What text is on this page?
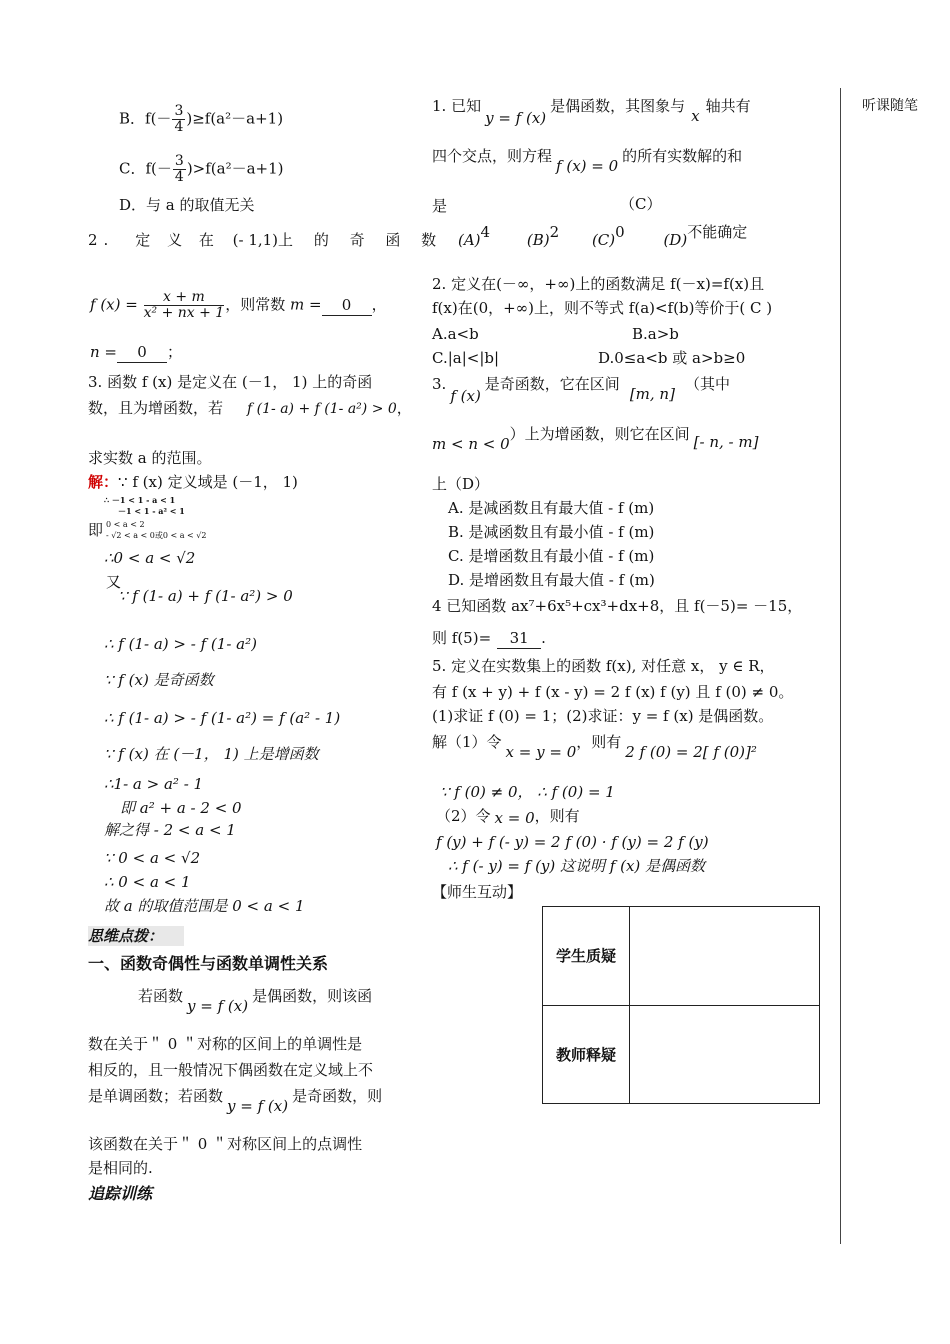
听课随笔
B．$f(- \frac{3}{4} )\ge f(a^2-a+1)$
C．$f(- \frac{3}{4} )>f(a^2-a+1)$
D．与 a 的取值无关
2.　定 义 在 (- 1,1)上 的 奇 函 数
f $(x) = \frac{x + m}{\text{x² + nx + 1}}$ ，则常数 m = 0 ，
n = 0 ；
3. 函数 f (x) 是定义在 (－1， 1) 上的奇函
数，且为增函数，若 f (1- a) + f (1- a²) > 0，
求实数 a 的范围。
解：∵ f (x) 定义域是 (－1， 1)
∴ －1 < 1 - a < 1
－1 < 1 - a² < 1
即 0 < a < 2
- √2 < a < 0或0 < a < √2
∴0 < a < √2
又
∵ f (1- a) + f (1- a²) > 0
∴ f (1- a) > - f (1- a²)
∵ f (x) 是奇函数
∴ f (1- a) > - f (1- a²) = f (a² - 1)
∵ f (x) 在 (－1， 1) 上是增函数
∴1- a > a² - 1
即 a² + a - 2 < 0
解之得 - 2 < a < 1
∵ 0 < a < √2
∴ 0 < a < 1
故 a 的取值范围是 0 < a < 1
思维点拨：
一、函数奇偶性与函数单调性关系
若函数y = f (x)是偶函数，则该函
数在关于＂ 0 ＂对称的区间上的单调性是
相反的，且一般情况下偶函数在定义域上不
是单调函数；若函数y = f (x)是奇函数，则
该函数在关于＂ 0 ＂对称区间上的点调性
是相同的.
追踪训练
1. 已知y = f (x)是偶函数，其图象与x轴共有
四个交点，则方程f (x) = 0的所有实数解的和
是	（C）
(A)4 (B)2 (C)0	(D)不能确定
2. 定义在(－∞，+∞)上的函数满足 f(－x)=f(x)且
f(x)在(0，+∞)上，则不等式 f(a)<f(b)等价于( C )
A.a<b	B.a>b
C.|a|<|b|	D.0≤a<b 或 a>b≥0
3.f (x)是奇函数，它在区间[m, n]（其中
m < n < 0）上为增函数，则它在区间 [- n, - m]
上（D）
A. 是减函数且有最大值 - f (m)
B. 是减函数且有最小值 - f (m)
C. 是增函数且有最小值 - f (m)
D. 是增函数且有最大值 - f (m)
4 已知函数 ax⁷+6x⁵+cx³+dx+8，且 f(－5)= －15，
则 f(5)= 31 .
5. 定义在实数集上的函数 f(x), 对任意 x， y ∈ R，
有 f (x + y) + f (x - y) = 2 f (x) f (y) 且 f (0) ≠ 0。
(1)求证 f (0) = 1；(2)求证：y = f (x) 是偶函数。
解（1）令x = y = 0，则有2 f (0) = 2[ f (0)]²
∵ f (0) ≠ 0， ∴ f (0) = 1
（2）令 x = 0，则有
f (y) + f (- y) = 2 f (0) · f (y) = 2 f (y)
∴ f (- y) = f (y) 这说明 f (x) 是偶函数
【师生互动】
学生质疑	
教师释疑	
